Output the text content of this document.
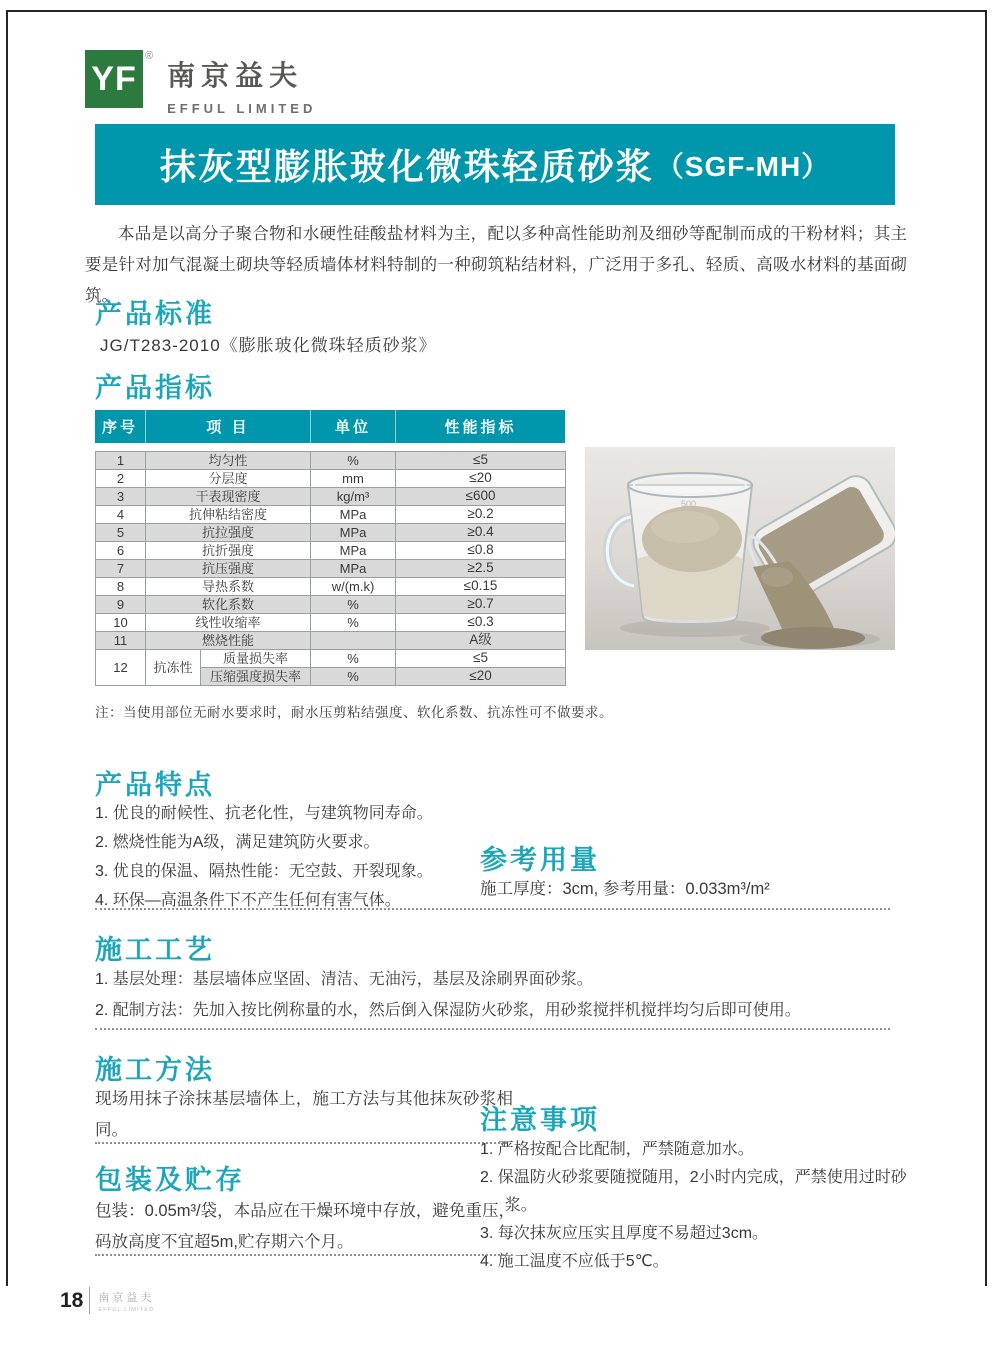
YF
®
南京益夫
EFFUL LIMITED
抹灰型膨胀玻化微珠轻质砂浆 （SGF-MH）

本品是以高分子聚合物和水硬性硅酸盐材料为主，配以多种高性能助剂及细砂等配制而成的干粉材料；其主要是针对加气混凝土砌块等轻质墙体材料特制的一种砌筑粘结材料，广泛用于多孔、轻质、高吸水材料的基面砌筑。

产品标准
JG/T283-2010《膨胀玻化微珠轻质砂浆》
产品指标
序号	项 目	单位	性能指标
1	均匀性		%	≤5
2	分层度		mm	≤20
3	干表现密度		kg/m³	≤600
4	抗伸粘结密度		MPa	≥0.2
5	抗拉强度		MPa	≥0.4
6	抗折强度		MPa	≤0.8
7	抗压强度		MPa	≥2.5
8	导热系数		w/(m.k)	≤0.15
9	软化系数		%	≥0.7
10	线性收缩率		%	≤0.3
11	燃烧性能			A级
12	抗冻性	质量损失率	%	≤5
		压缩强度损失率	%	≤20
注：当使用部位无耐水要求时，耐水压剪粘结强度、软化系数、抗冻性可不做要求。
500
产品特点
1. 优良的耐候性、抗老化性，与建筑物同寿命。
2. 燃烧性能为A级，满足建筑防火要求。
3. 优良的保温、隔热性能：无空鼓、开裂现象。
4. 环保—高温条件下不产生任何有害气体。
参考用量
施工厚度：3cm, 参考用量：0.033m³/m²
施工工艺
1. 基层处理：基层墙体应坚固、清洁、无油污，基层及涂刷界面砂浆。
2. 配制方法：先加入按比例称量的水，然后倒入保湿防火砂浆，用砂浆搅拌机搅拌均匀后即可使用。
施工方法
现场用抹子涂抹基层墙体上，施工方法与其他抹灰砂浆相同。	注意事项
1. 严格按配合比配制，严禁随意加水。
2. 保温防火砂浆要随搅随用，2小时内完成，严禁使用过时砂浆。
3. 每次抹灰应压实且厚度不易超过3cm。
4. 施工温度不应低于5℃。
包装及贮存
包装：0.05m³/袋，本品应在干燥环境中存放，避免重压，码放高度不宜超5m,贮存期六个月。
18 南京益夫
EFFUL LIMITED
